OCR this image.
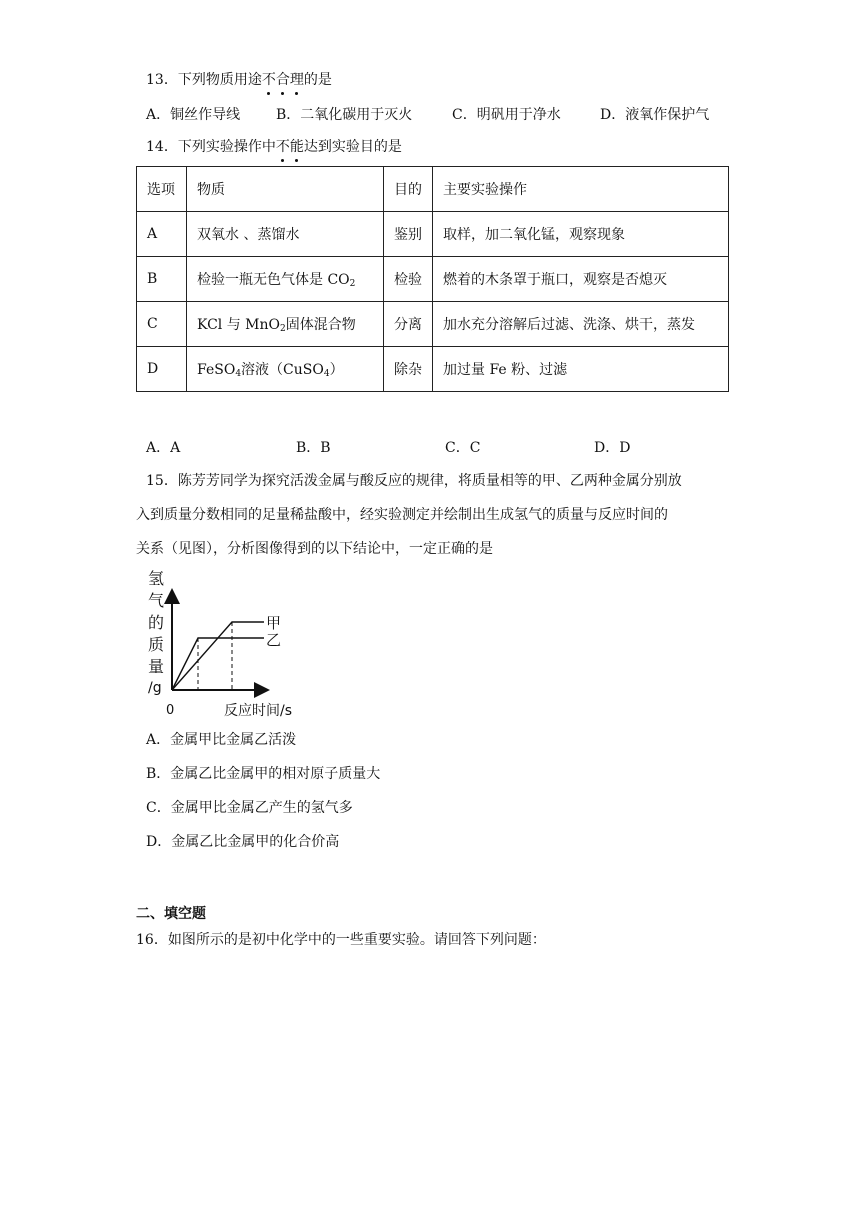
13．下列物质用途不合理的是
A．铜丝作导线	B．二氧化碳用于灭火	C．明矾用于净水	D．液氧作保护气
14．下列实验操作中不能达到实验目的是
选项	物质	目的	主要实验操作
A	双氧水 、蒸馏水	鉴别	取样，加二氧化锰，观察现象
B	检验一瓶无色气体是 $CO_2$	检验	燃着的木条罩于瓶口，观察是否熄灭
C	KCl 与 MnO$_2$固体混合物	分离	加水充分溶解后过滤、洗涤、烘干，蒸发
D	FeSO$_4$溶液（CuSO$_4$）	除杂	加过量 Fe 粉、过滤
A．A	B．B	C．C	D．D
15．陈芳芳同学为探究活泼金属与酸反应的规律，将质量相等的甲、乙两种金属分别放
入到质量分数相同的足量稀盐酸中，经实验测定并绘制出生成氢气的质量与反应时间的
关系（见图），分析图像得到的以下结论中，一定正确的是
氢
气
的
质
量
/g
甲
乙
0	反应时间/s
A．金属甲比金属乙活泼
B．金属乙比金属甲的相对原子质量大
C．金属甲比金属乙产生的氢气多
D．金属乙比金属甲的化合价高
二、填空题
16．如图所示的是初中化学中的一些重要实验。请回答下列问题：
